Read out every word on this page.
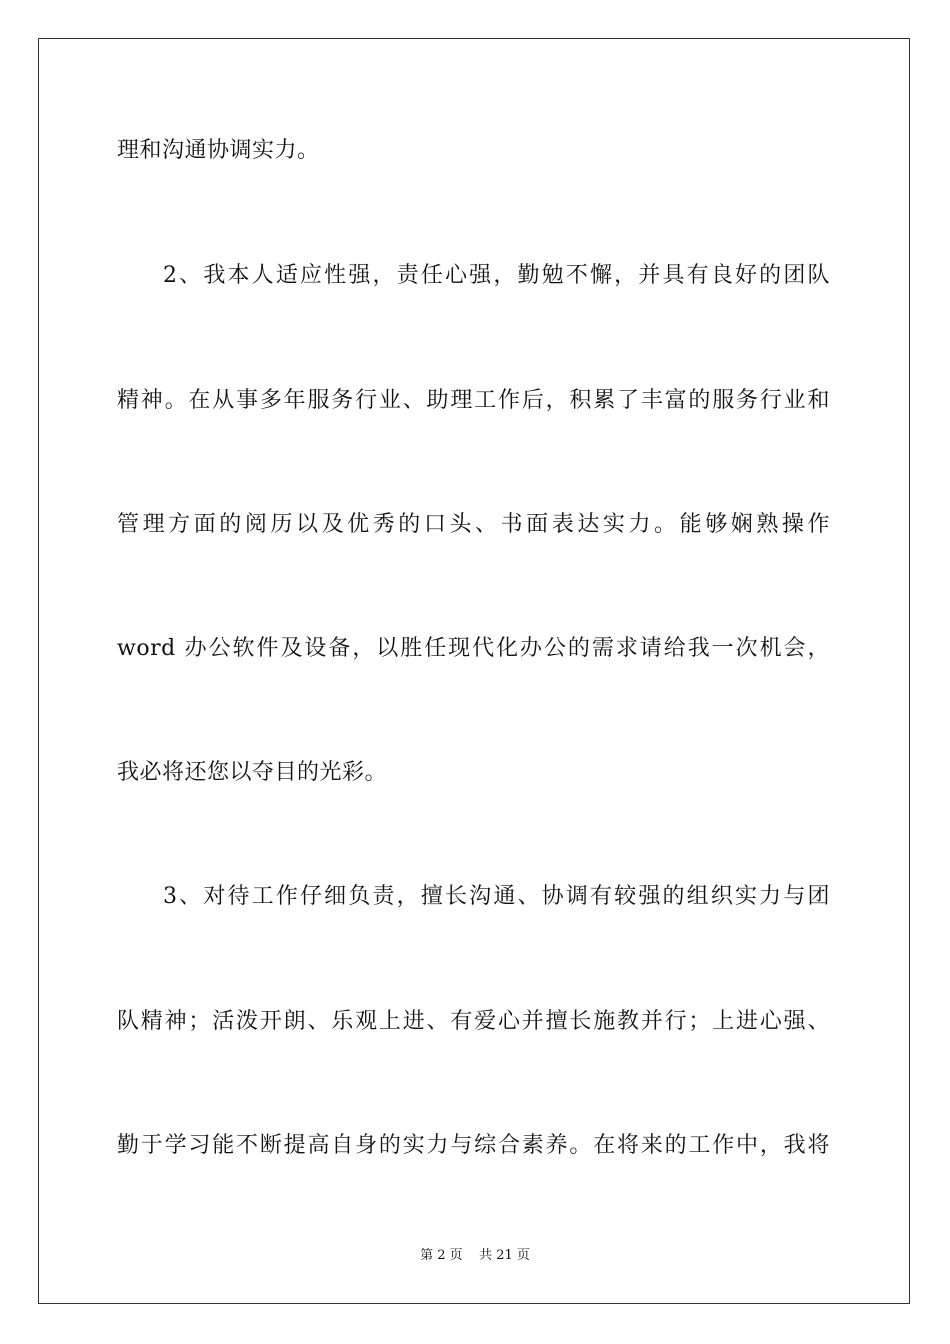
理和沟通协调实力。
2、我本人适应性强，责任心强，勤勉不懈，并具有良好的团队
精神。在从事多年服务行业、助理工作后，积累了丰富的服务行业和
管理方面的阅历以及优秀的口头、书面表达实力。能够娴熟操作
word 办公软件及设备，以胜任现代化办公的需求请给我一次机会，
我必将还您以夺目的光彩。
3、对待工作仔细负责，擅长沟通、协调有较强的组织实力与团
队精神；活泼开朗、乐观上进、有爱心并擅长施教并行；上进心强、
勤于学习能不断提高自身的实力与综合素养。在将来的工作中，我将
第 2 页    共 21 页
